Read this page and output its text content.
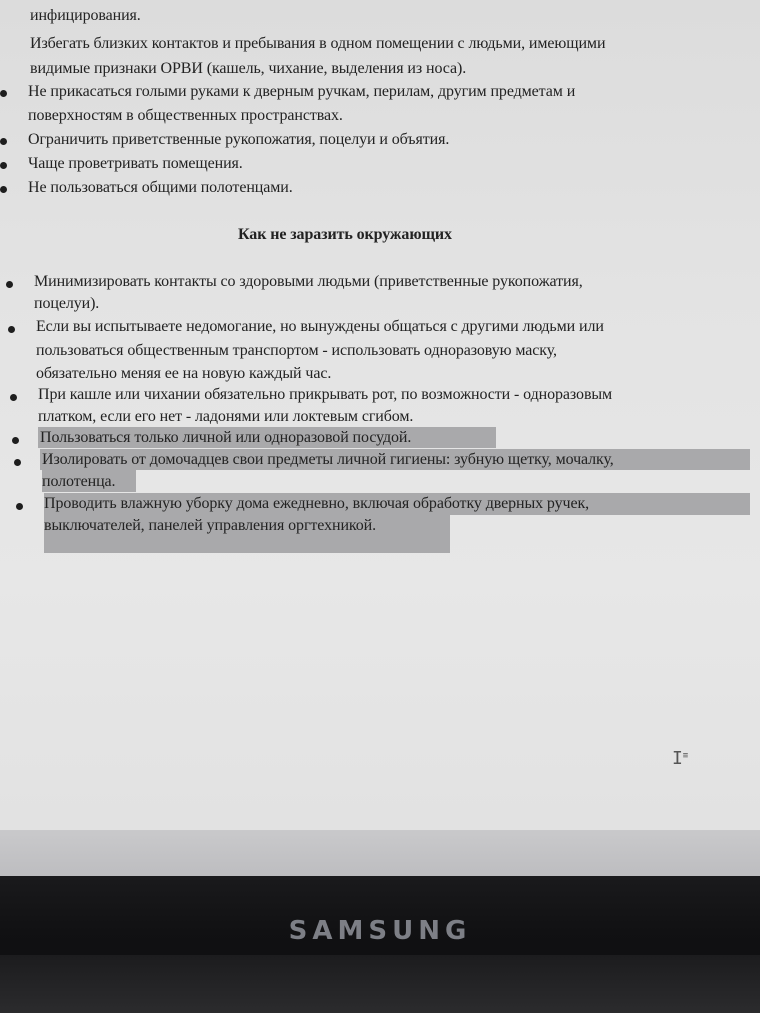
инфицирования.
Избегать близких контактов и пребывания в одном помещении с людьми, имеющими
видимые признаки ОРВИ (кашель, чихание, выделения из носа).
Не прикасаться голыми руками к дверным ручкам, перилам, другим предметам и
поверхностям в общественных пространствах.
Ограничить приветственные рукопожатия, поцелуи и объятия.
Чаще проветривать помещения.
Не пользоваться общими полотенцами.
Как не заразить окружающих
Минимизировать контакты со здоровыми людьми (приветственные рукопожатия,
поцелуи).
Если вы испытываете недомогание, но вынуждены общаться с другими людьми или
пользоваться общественным транспортом - использовать одноразовую маску,
обязательно меняя ее на новую каждый час.
При кашле или чихании обязательно прикрывать рот, по возможности - одноразовым
платком, если его нет - ладонями или локтевым сгибом.
Пользоваться только личной или одноразовой посудой.
Изолировать от домочадцев свои предметы личной гигиены: зубную щетку, мочалку,
полотенца.
Проводить влажную уборку дома ежедневно, включая обработку дверных ручек,
выключателей, панелей управления оргтехникой.
I≡
SAMSUNG
